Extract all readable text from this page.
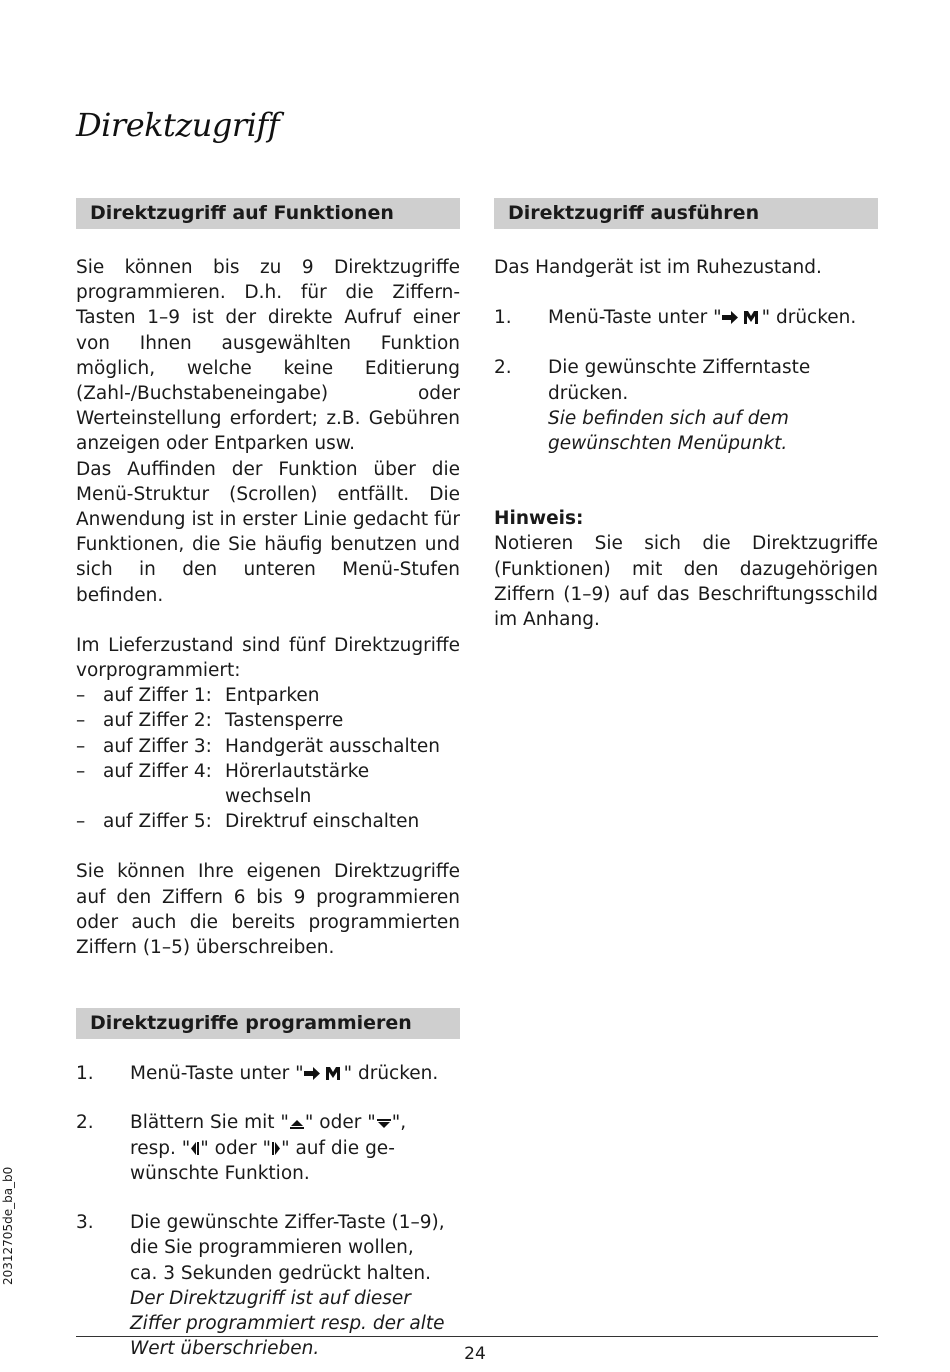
Direktzugriff
Direktzugriff auf Funktionen

Sie können bis zu 9 Direktzugriffe programmieren. D.h. für die Ziffern-Tasten 1–9 ist der direkte Aufruf einer von Ihnen ausgewählten Funktion möglich, welche keine Editierung (Zahl-/Buchstabeneingabe) oder Werteinstellung erfordert; z.B. Gebühren anzeigen oder Entparken usw.

Das Auffinden der Funktion über die Menü-Struktur (Scrollen) entfällt. Die Anwendung ist in erster Linie gedacht für Funktionen, die Sie häufig benutzen und sich in den unteren Menü-Stufen befinden.

Im Lieferzustand sind fünf Direktzugriffe vorprogrammiert:

– auf Ziffer 1: Entparken
– auf Ziffer 2: Tastensperre
– auf Ziffer 3: Handgerät ausschalten
– auf Ziffer 4: Hörerlautstärke wechseln
– auf Ziffer 5: Direktruf einschalten

Sie können Ihre eigenen Direktzugriffe auf den Ziffern 6 bis 9 programmieren oder auch die bereits programmierten Ziffern (1–5) überschreiben.

Direktzugriffe programmieren
1.	Menü-Taste unter " " drücken.
2.	Blättern Sie mit " " oder " ",
resp. " " oder " " auf die gewünschte Funktion.
3.	Die gewünschte Ziffer-Taste (1–9),
die Sie programmieren wollen,
ca. 3 Sekunden gedrückt halten.
Der Direktzugriff ist auf dieser Ziffer programmiert resp. der alte Wert überschrieben.
Direktzugriff ausführen

Das Handgerät ist im Ruhezustand.

1.	Menü-Taste unter " " drücken.
2.	Die gewünschte Zifferntaste
drücken.
Sie befinden sich auf dem
gewünschten Menüpunkt.

Hinweis:

Notieren Sie sich die Direktzugriffe (Funktionen) mit den dazugehörigen Ziffern (1–9) auf das Beschriftungsschild im Anhang.

20312705de_ba_b0
24
